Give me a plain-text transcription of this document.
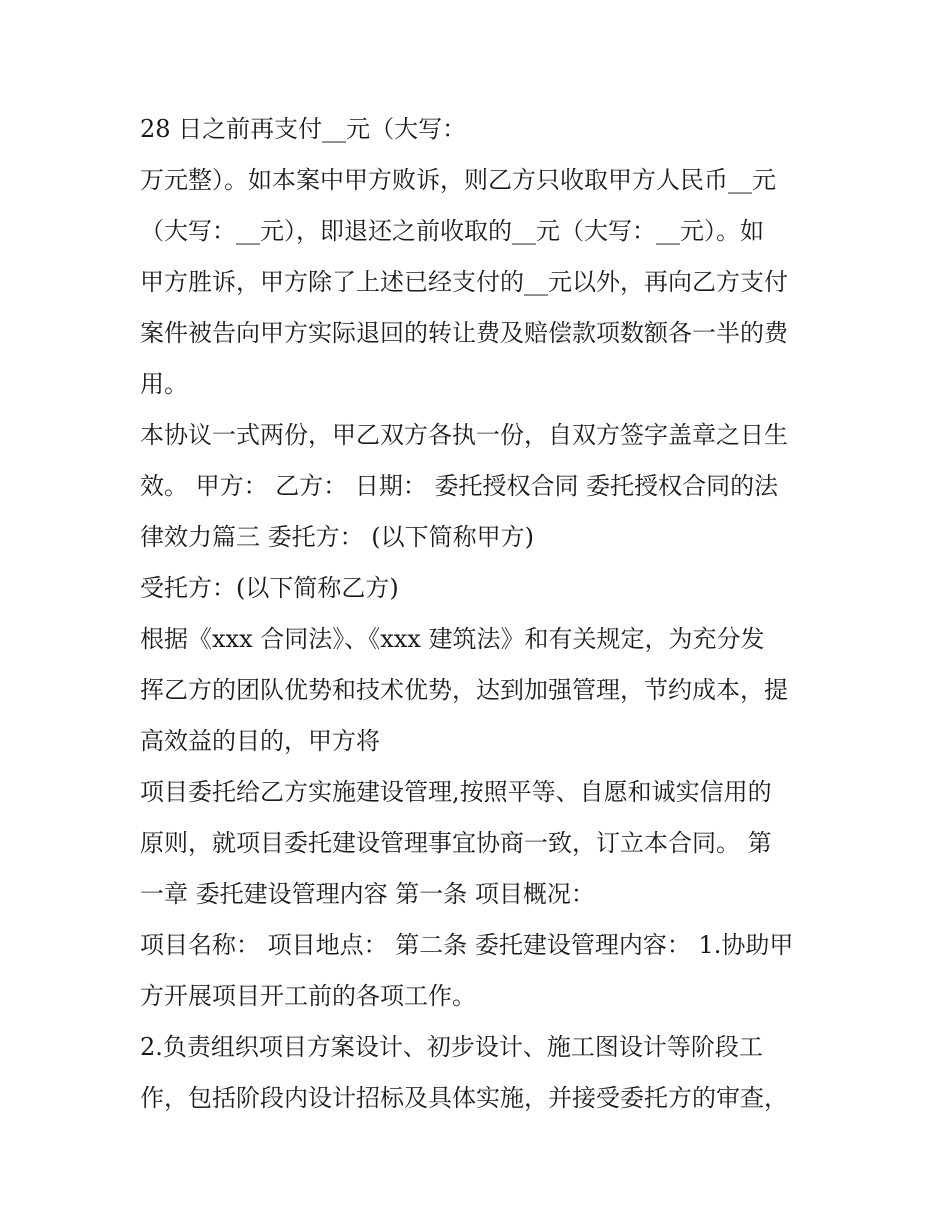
28 日之前再支付__元（大写：
万元整）。如本案中甲方败诉，则乙方只收取甲方人民币__元
（大写：__元），即退还之前收取的__元（大写：__元）。如
甲方胜诉，甲方除了上述已经支付的__元以外，再向乙方支付
案件被告向甲方实际退回的转让费及赔偿款项数额各一半的费
用。
本协议一式两份，甲乙双方各执一份，自双方签字盖章之日生
效。 甲方： 乙方： 日期： 委托授权合同 委托授权合同的法
律效力篇三 委托方： (以下简称甲方)
受托方：(以下简称乙方)
根据《xxx 合同法》、《xxx 建筑法》和有关规定，为充分发
挥乙方的团队优势和技术优势，达到加强管理，节约成本，提
高效益的目的，甲方将
项目委托给乙方实施建设管理,按照平等、自愿和诚实信用的
原则，就项目委托建设管理事宜协商一致，订立本合同。 第
一章 委托建设管理内容 第一条 项目概况：
项目名称： 项目地点： 第二条 委托建设管理内容： 1.协助甲
方开展项目开工前的各项工作。
2.负责组织项目方案设计、初步设计、施工图设计等阶段工
作，包括阶段内设计招标及具体实施，并接受委托方的审查，
